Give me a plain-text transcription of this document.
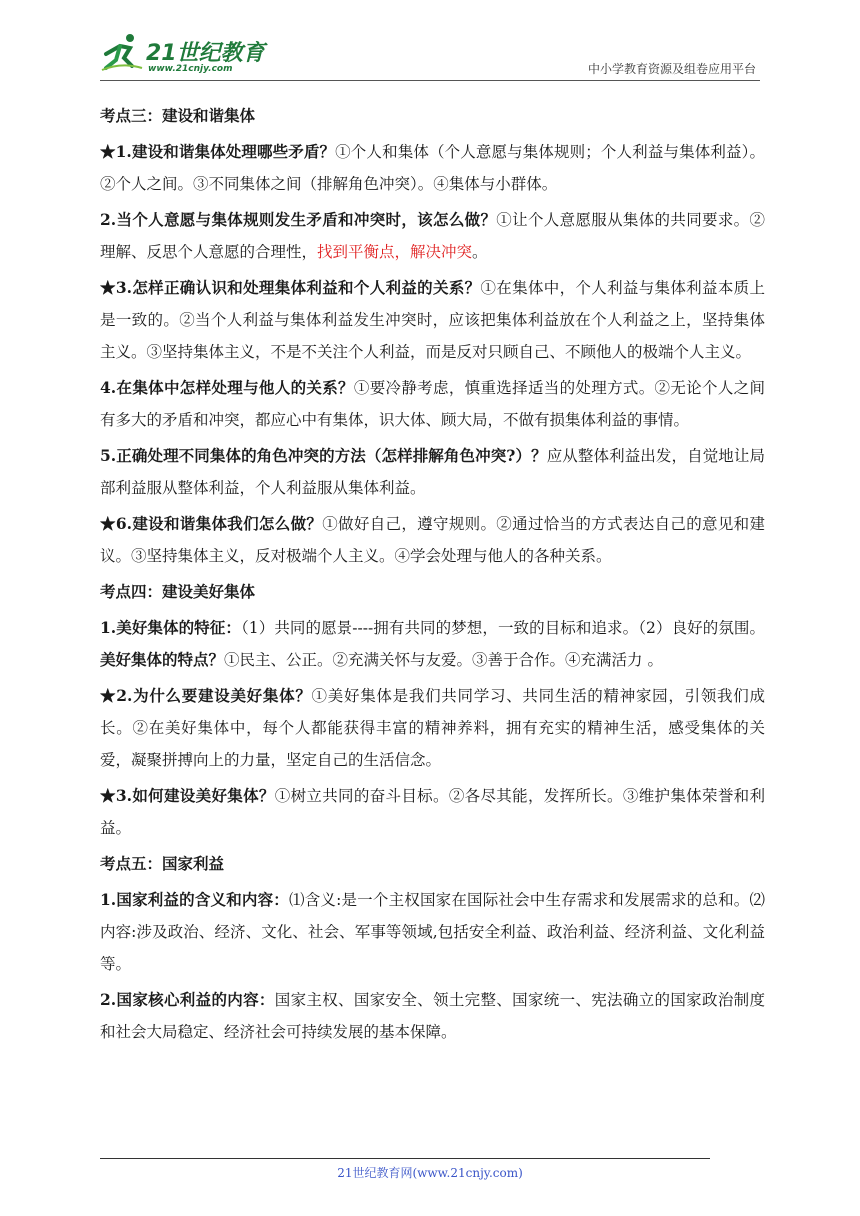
21世纪教育
www.21cnjy.com	中小学教育资源及组卷应用平台
考点三：建设和谐集体

★1.建设和谐集体处理哪些矛盾？①个人和集体（个人意愿与集体规则；个人利益与集体利益）。②个人之间。③不同集体之间（排解角色冲突）。④集体与小群体。

2.当个人意愿与集体规则发生矛盾和冲突时，该怎么做？①让个人意愿服从集体的共同要求。②理解、反思个人意愿的合理性，找到平衡点，解决冲突。

★3.怎样正确认识和处理集体利益和个人利益的关系？①在集体中，个人利益与集体利益本质上是一致的。②当个人利益与集体利益发生冲突时，应该把集体利益放在个人利益之上，坚持集体主义。③坚持集体主义，不是不关注个人利益，而是反对只顾自己、不顾他人的极端个人主义。

4.在集体中怎样处理与他人的关系？①要冷静考虑，慎重选择适当的处理方式。②无论个人之间有多大的矛盾和冲突，都应心中有集体，识大体、顾大局，不做有损集体利益的事情。

5.正确处理不同集体的角色冲突的方法（怎样排解角色冲突?）？应从整体利益出发，自觉地让局部利益服从整体利益，个人利益服从集体利益。

★6.建设和谐集体我们怎么做？①做好自己，遵守规则。②通过恰当的方式表达自己的意见和建议。③坚持集体主义，反对极端个人主义。④学会处理与他人的各种关系。

考点四：建设美好集体

1.美好集体的特征：（1）共同的愿景----拥有共同的梦想，一致的目标和追求。（2）良好的氛围。美好集体的特点？①民主、公正。②充满关怀与友爱。③善于合作。④充满活力 。

★2.为什么要建设美好集体？①美好集体是我们共同学习、共同生活的精神家园，引领我们成长。②在美好集体中，每个人都能获得丰富的精神养料，拥有充实的精神生活，感受集体的关爱，凝聚拼搏向上的力量，坚定自己的生活信念。

★3.如何建设美好集体？①树立共同的奋斗目标。②各尽其能，发挥所长。③维护集体荣誉和利益。

考点五：国家利益

1.国家利益的含义和内容：⑴含义:是一个主权国家在国际社会中生存需求和发展需求的总和。⑵内容:涉及政治、经济、文化、社会、军事等领域,包括安全利益、政治利益、经济利益、文化利益等。

2.国家核心利益的内容：国家主权、国家安全、领土完整、国家统一、宪法确立的国家政治制度和社会大局稳定、经济社会可持续发展的基本保障。

21世纪教育网(www.21cnjy.com)
